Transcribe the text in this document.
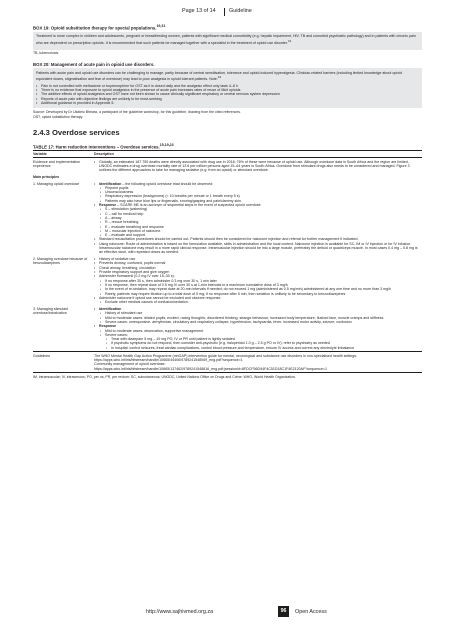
Page 13 of 14 Guideline
BOX 19: Opioid substitution therapy for special populations.$^{19,31}$

Treatment is more complex in children and adolescents, pregnant or breastfeeding women, patients with significant medical comorbidity (e.g. hepatic impairment, HIV, TB and comorbid psychiatric pathology) and in patients with chronic pain who are dependent on prescription opioids. It is recommended that such patients be managed together with a specialist in the treatment of opioid use disorder.$^{31}$

TB, tuberculosis.
BOX 20: Management of acute pain in opioid use disorders.

Patients with acute pain and opioid use disorders can be challenging to manage, partly because of central sensitisation, tolerance and opioid-induced hyperalgesia. Clinician-related barriers (including limited knowledge about opioid equivalent doses, stigmatisation and fear of overdose) may lead to poor analgesia in opioid tolerant patients. Note:$^{34}$

• Pain is not controlled with methadone or buprenorphine for OST as it is dosed daily and the analgesic effect only lasts 4–8 h
• There is no evidence that exposure to opioid analgesics in the presence of acute pain increases rates of reuse of illicit opioids
• The additive effects of opioid analgesics and OST have not been shown to cause clinically significant respiratory or central nervous system depression
• Reports of acute pain with objective findings are unlikely to be most-seeking
• Additional guidance is provided in Appendix 5.
Source: Developed by Dr Ukalelu Bheara, a participant of the guideline workshop, for this guideline, drawing from the cited references.
OST, opioid substitution therapy.
2.4.3 Overdose services
TABLE 17: Harm reduction interventions – Overdose services.$^{15,19,23}$
Variable	Description
Evidence and implementation experience
• Globally, an estimated 167 750 deaths were directly associated with drug use in 2018; 76% of these were because of opioid use. Although overdose data in South Africa and the region are limited, UNODC estimates a drug overdose mortality rate of 12.6 per million persons aged 15–64 years in South Africa. Overdose from stimulant drugs also needs to be considered and managed. Figure 3 outlines the different approaches to take for managing sedative (e.g. from an opioid) or stimulant overdose.
Main principles
1. Managing opioid overdose
•	Identification – the following opioid overdose triad should be observed:
▪ Pinpoint pupils
▪ Unconsciousness
▪ Respiratory depression (bradypnoea) (< 10 breaths per minute or 1 breath every 5 s)
▪ Patients may also have blue lips or fingernails, snoring/gasping and pale/clammy skin.
• Response – SCARE ME is an acronym of sequential steps in the event of suspected opioid overdose
▪ S – stimulation (wakening)
▪ C – call for medical help
▪ A – airway
▪ R – rescue breathing
▪ E – evaluate breathing and response
▪ M – muscular injection of naloxone
▪ E – evaluate and support.
• Standard resuscitation procedures should be carried out. Patients should then be considered for naloxone injection and referral for further management if indicated.
• Using naloxone: Route of administration is based on the formulation available, skills in administration and the local context. Naloxone injection is available for SC, IM or IV injection or for IV infusion. Intramuscular naloxone may result in a more rapid clinical response. Intramuscular injection should be into a large muscle, preferably the deltoid or quadriceps muscle. In most cases 0.4 mg – 0.8 mg is an effective dose, with repeated doses as needed.
2. Managing overdose because of benzodiazepines
• History of sedative use
• Prevents drowsy, confused, pupils normal
• Check airway, breathing, circulation
• Provide respiratory support and give oxygen
• Administer flumazenil (0.2 mg IV over 15–30 s):
▪ If no response after 30 s, then administer 0.3 mg over 30 s, 1 min later
▪ If no response, then repeat dose of 0.5 mg IV over 30 s at 1-min intervals to a maximum cumulative dose of 3 mg/h
▪ In the event of re-sedation, may repeat dose at 20-min intervals if needed; do not exceed 1 mg (administered as 0.5 mg/min) administered at any one time and no more than 3 mg/h
▪ Rarely, patients may require titration up to a total dose of 5 mg; if no response after 5 min, then sedation is unlikely to be secondary to benzodiazepines
• Administer naloxone if opioid use cannot be excluded and observe response
▪ Exclude other medical causes of confusion/sedation.
3. Managing stimulant overdose/intoxication
• Identification
▪ History of stimulant use
▪ Mild to moderate cases: dilated pupils, excited, racing thoughts, disordered thinking, strange behaviour, increased body temperature, flushed face, muscle cramps and stiffness
▪ Severe cases: unresponsive, arrhythmias, circulatory and respiratory collapse, hypertension, tachycardia, fever, increased motor activity, seizure, confusion
• Response
▪ Mild to moderate cases: observation, supportive management
▪ Severe cases:
▪ Treat with diazepam 5 mg – 10 mg PO, IV or PR until patient is lightly sedated
▪ If psychotic symptoms do not respond, then consider anti-psychotic (e.g. haloperidol 1.0 g – 2.5 g PO or IV); refer to psychiatry as needed
▪ In hospital: control seizures, treat cardiac complications, control blood pressure and temperature, ensure IV access and correct any electrolyte imbalance
Guidelines	The WHO Mental Health Gap Action Programme (mhGAP) intervention guide for mental, neurological and substance use disorders in non-specialised health settings:
https://apps.who.int/iris/bitstream/handle/10665/44406/9789241548069_eng.pdf?sequence=1
Community management of opioid overdose:
https://apps.who.int/iris/bitstream/handle/10665/137462/9789241548816_eng.pdf;jsessionid=8FDCF56D94F4C51D18C1F4E2120AF?sequence=1
IM, intramuscular; IV, intravenous; PO, per os; PR, per rectum; SC, subcutaneous; UNODC, United Nations Office on Drugs and Crime; WHO, World Health Organization.
http://www.sajhivmed.org.za	96	Open Access
